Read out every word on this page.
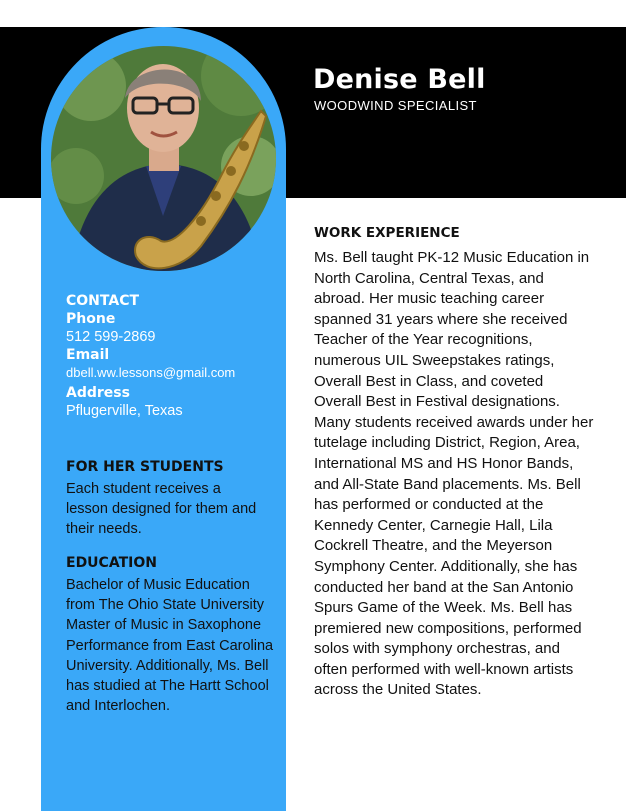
Denise Bell
WOODWIND SPECIALIST
CONTACT
Phone
512 599-2869
Email
dbell.ww.lessons@gmail.com
Address
Pflugerville, Texas
FOR HER STUDENTS
Each student receives a lesson designed for them and their needs.
EDUCATION
Bachelor of Music Education from The Ohio State University Master of Music in Saxophone Performance from East Carolina University. Additionally, Ms. Bell has studied at The Hartt School and Interlochen.
WORK EXPERIENCE
Ms. Bell taught PK-12 Music Education in North Carolina, Central Texas, and abroad. Her music teaching career spanned 31 years where she received Teacher of the Year recognitions, numerous UIL Sweepstakes ratings, Overall Best in Class, and coveted Overall Best in Festival designations. Many students received awards under her tutelage including District, Region, Area, International MS and HS Honor Bands, and All-State Band placements. Ms. Bell has performed or conducted at the Kennedy Center, Carnegie Hall, Lila Cockrell Theatre, and the Meyerson Symphony Center. Additionally, she has conducted her band at the San Antonio Spurs Game of the Week. Ms. Bell has premiered new compositions, performed solos with symphony orchestras, and often performed with well-known artists across the United States.
